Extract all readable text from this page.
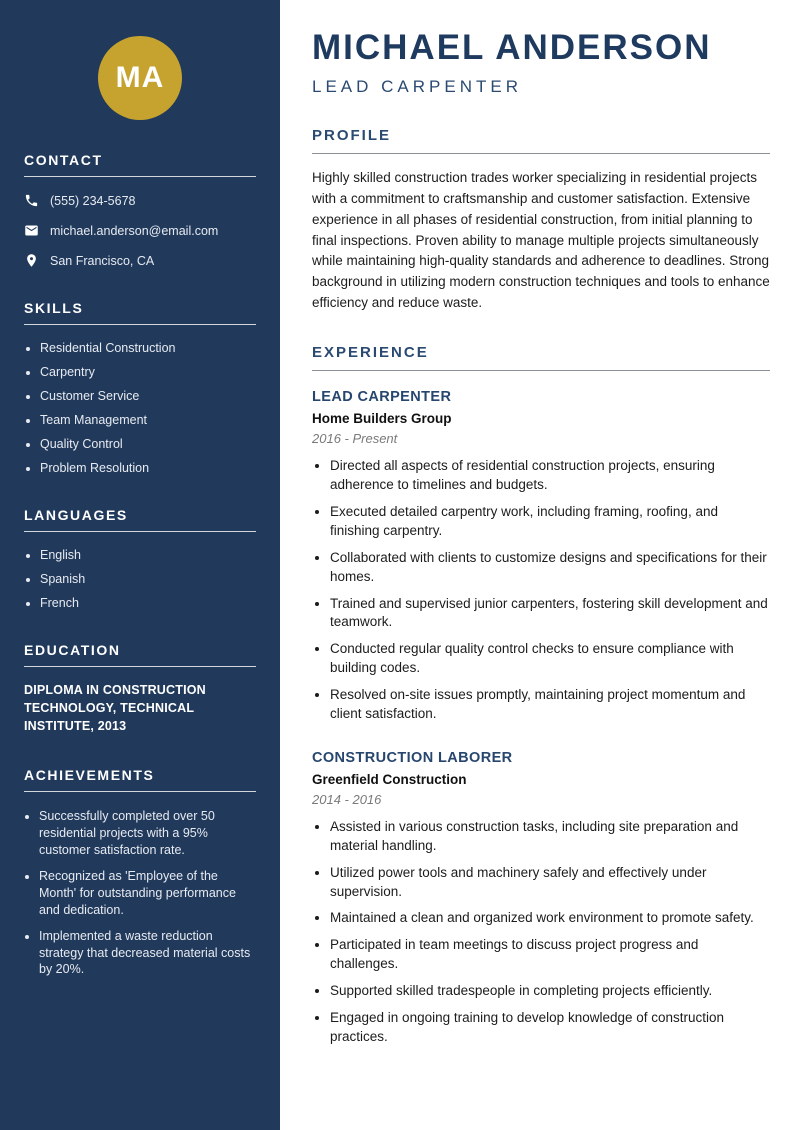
MA
CONTACT
(555) 234-5678
michael.anderson@email.com
San Francisco, CA
SKILLS
• Residential Construction
• Carpentry
• Customer Service
• Team Management
• Quality Control
• Problem Resolution
LANGUAGES
• English
• Spanish
• French
EDUCATION
DIPLOMA IN CONSTRUCTION TECHNOLOGY, TECHNICAL INSTITUTE, 2013
ACHIEVEMENTS
• Successfully completed over 50 residential projects with a 95% customer satisfaction rate.
• Recognized as 'Employee of the Month' for outstanding performance and dedication.
• Implemented a waste reduction strategy that decreased material costs by 20%.
MICHAEL ANDERSON
LEAD CARPENTER
PROFILE

Highly skilled construction trades worker specializing in residential projects with a commitment to craftsmanship and customer satisfaction. Extensive experience in all phases of residential construction, from initial planning to final inspections. Proven ability to manage multiple projects simultaneously while maintaining high-quality standards and adherence to deadlines. Strong background in utilizing modern construction techniques and tools to enhance efficiency and reduce waste.

EXPERIENCE
LEAD CARPENTER
Home Builders Group
2016 - Present
• Directed all aspects of residential construction projects, ensuring adherence to timelines and budgets.
• Executed detailed carpentry work, including framing, roofing, and finishing carpentry.
• Collaborated with clients to customize designs and specifications for their homes.
• Trained and supervised junior carpenters, fostering skill development and teamwork.
• Conducted regular quality control checks to ensure compliance with building codes.
• Resolved on-site issues promptly, maintaining project momentum and client satisfaction.
CONSTRUCTION LABORER
Greenfield Construction
2014 - 2016
• Assisted in various construction tasks, including site preparation and material handling.
• Utilized power tools and machinery safely and effectively under supervision.
• Maintained a clean and organized work environment to promote safety.
• Participated in team meetings to discuss project progress and challenges.
• Supported skilled tradespeople in completing projects efficiently.
• Engaged in ongoing training to develop knowledge of construction practices.
